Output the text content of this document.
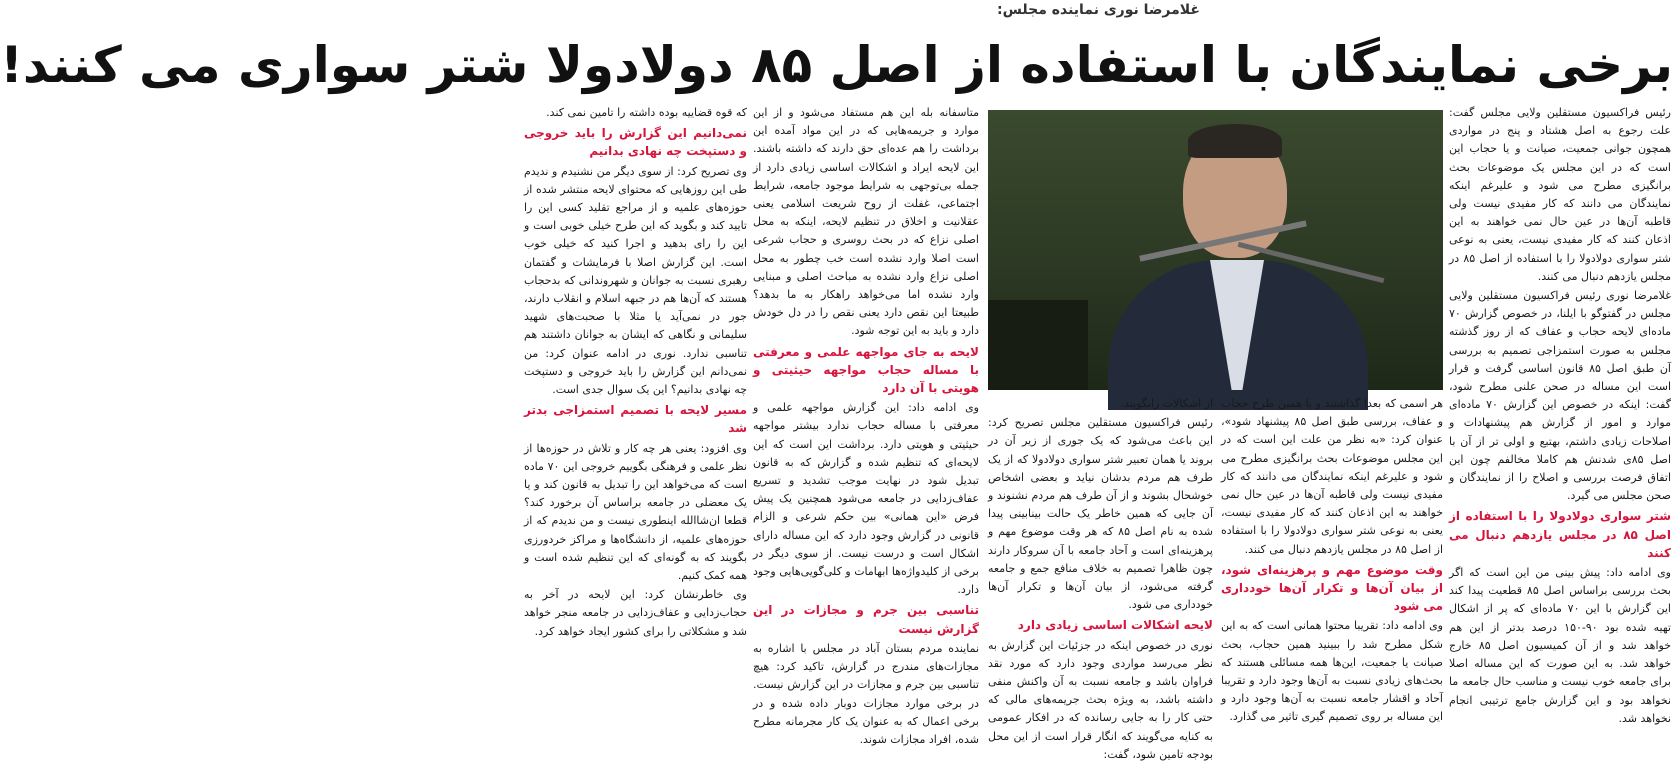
غلامرضا نوری نماینده مجلس:
برخی نمایندگان با استفاده از اصل ۸۵ دولادولا شتر سواری می کنند!

رئیس فراکسیون مستقلین ولایی مجلس گفت: علت رجوع به اصل هشتاد و پنج در مواردی همچون جوانی جمعیت، صیانت و یا حجاب این است که در این مجلس یک موضوعات بحث برانگیزی مطرح می شود و علیرغم اینکه نمایندگان می دانند که کار مفیدی نیست ولی قاطبه آن‌ها در عین حال نمی خواهند به این اذعان کنند که کار مفیدی نیست، یعنی به نوعی شتر سواری دولادولا را با استفاده از اصل ۸۵ در مجلس یازدهم دنبال می کنند.

غلامرضا نوری رئیس فراکسیون مستقلین ولایی مجلس در گفتوگو با ایلنا، در خصوص گزارش ۷۰ ماده‌ای لایحه حجاب و عفاف که از روز گذشته مجلس به صورت استمزاجی تصمیم به بررسی آن طبق اصل ۸۵ قانون اساسی گرفت و قرار است این مساله در صحن علنی مطرح شود، گفت: اینکه در خصوص این گزارش ۷۰ ماده‌ای موارد و امور از گزارش هم پیشنهادات و اصلاحات زیادی داشتم، بهتبع و اولی تر از آن با اصل ۸۵ی شدنش هم کاملا مخالفم چون این اتفاق فرصت بررسی و اصلاح را از نمایندگان و صحن مجلس می گیرد.

شتر سواری دولادولا را با استفاده از اصل ۸۵ در مجلس یازدهم دنبال می کنند

وی ادامه داد: پیش بینی من این است که اگر بحث بررسی براساس اصل ۸۵ قطعیت پیدا کند این گزارش با این ۷۰ ماده‌ای که پر از اشکال تهیه شده بود ۹۰-۱۵۰ درصد بدتر از این هم خواهد شد و از آن کمیسیون اصل ۸۵ خارج خواهد شد. به این صورت که این مساله اصلا برای جامعه خوب نیست و مناسب حال جامعه ما نخواهد بود و این گزارش جامع ترتیبی انجام نخواهد شد.

هر اسمی که بعدا گذاشتند و یا همین طرح حجاب و عفاف، بررسی طبق اصل ۸۵ پیشنهاد شود»، عنوان کرد: «به نظر من علت این است که در این مجلس موضوعات بحث برانگیزی مطرح می شود و علیرغم اینکه نمایندگان می دانند که کار مفیدی نیست ولی قاطبه آن‌ها در عین حال نمی خواهند به این اذعان کنند که کار مفیدی نیست، یعنی به نوعی شتر سواری دولادولا را با استفاده از اصل ۸۵ در مجلس یازدهم دنبال می کنند.

وقت موضوع مهم و پرهزینه‌ای شود، از بیان آن‌ها و تکرار آن‌ها خودداری می شود

وی ادامه داد: تقریبا محتوا همانی است که به این شکل مطرح شد را ببینید همین حجاب، بحث صیانت یا جمعیت، این‌ها همه مسائلی هستند که بحث‌های زیادی نسبت به آن‌ها وجود دارد و تقریبا آحاد و اقشار جامعه نسبت به آن‌ها وجود دارد و این مساله بر روی تصمیم گیری تاثیر می گذارد.

از اشکالات رابگویند.

رئیس فراکسیون مستقلین مجلس تصریح کرد: این باعث می‌شود که یک جوری از زیر آن در بروند یا همان تعبیر شتر سواری دولادولا که از یک طرف هم مردم بدشان نیاید و بعضی اشخاص خوشحال بشوند و از آن طرف هم مردم نشنوند و آن جایی که همین خاطر یک حالت بینابینی پیدا شده به نام اصل ۸۵ که هر وقت موضوع مهم و پرهزینه‌ای است و آحاد جامعه با آن سروکار دارند چون ظاهرا تصمیم به خلاف منافع جمع و جامعه گرفته می‌شود، از بیان آن‌ها و تکرار آن‌ها خودداری می شود.

لایحه اشکالات اساسی زیادی دارد

نوری در خصوص اینکه در جزئیات این گزارش به نظر می‌رسد مواردی وجود دارد که مورد نقد فراوان باشد و جامعه نسبت به آن واکنش منفی داشته باشد، به ویژه بحث جریمه‌های مالی که حتی کار را به جایی رسانده که در افکار عمومی به کنایه می‌گویند که انگار قرار است از این محل بودجه تامین شود، گفت:

متاسفانه بله این هم مستفاد می‌شود و از این موارد و جریمه‌هایی که در این مواد آمده این برداشت را هم عده‌ای حق دارند که داشته باشند. این لایحه ایراد و اشکالات اساسی زیادی دارد از جمله بی‌توجهی به شرایط موجود جامعه، شرایط اجتماعی، غفلت از روح شریعت اسلامی یعنی عقلانیت و اخلاق در تنظیم لایحه، اینکه به محل اصلی نزاع که در بحث روسری و حجاب شرعی است اصلا وارد نشده است خب چطور به محل اصلی نزاع وارد نشده به مباحث اصلی و مبنایی وارد نشده اما می‌خواهد راهکار به ما بدهد؟ طبیعتا این نقص دارد یعنی نقص را در دل خودش دارد و باید به این توجه شود.

لایحه به جای مواجهه علمی و معرفتی با مساله حجاب مواجهه حیثیتی و هویتی با آن دارد

وی ادامه داد: این گزارش مواجهه علمی و معرفتی با مساله حجاب ندارد بیشتر مواجهه حیثیتی و هویتی دارد. برداشت این است که این لایحه‌ای که تنظیم شده و گزارش که به قانون تبدیل شود در نهایت موجب تشدید و تسریع عفاف‌زدایی در جامعه می‌شود همچنین یک پیش فرض «این همانی» بین حکم شرعی و الزام قانونی در گزارش وجود دارد که این مساله دارای اشکال است و درست نیست. از سوی دیگر در برخی از کلیدواژه‌ها ابهامات و کلی‌گویی‌هایی وجود دارد.

تناسبی بین جرم و مجازات در این گزارش نیست

نماینده مردم بستان آباد در مجلس با اشاره به مجازات‌های مندرج در گزارش، تاکید کرد: هیچ تناسبی بین جرم و مجازات در این گزارش نیست. در برخی موارد مجازات دوبار داده شده و در برخی اعمال که به عنوان یک کار مجرمانه مطرح شده، افراد مجازات شوند.

که قوه قضاییه بوده داشته را تامین نمی کند.

نمی‌دانیم این گزارش را باید خروجی و دستپخت چه نهادی بدانیم

وی تصریح کرد: از سوی دیگر من نشنیدم و ندیدم طی این روزهایی که محتوای لایحه منتشر شده از حوزه‌های علمیه و از مراجع تقلید کسی این را تایید کند و بگوید که این طرح خیلی خوبی است و این را رای بدهید و اجرا کنید که خیلی خوب است. این گزارش اصلا با فرمایشات و گفتمان رهبری نسبت به جوانان و شهروندانی که بدحجاب هستند که آن‌ها هم در جبهه اسلام و انقلاب دارند، جور در نمی‌آید یا مثلا با صحبت‌های شهید سلیمانی و نگاهی که ایشان به جوانان داشتند هم تناسبی ندارد. نوری در ادامه عنوان کرد: من نمی‌دانم این گزارش را باید خروجی و دستپخت چه نهادی بدانیم؟ این یک سوال جدی است.

مسیر لایحه با تصمیم استمزاجی بدتر شد

وی افزود: یعنی هر چه کار و تلاش در حوزه‌ها از نظر علمی و فرهنگی بگوییم خروجی این ۷۰ ماده است که می‌خواهد این را تبدیل به قانون کند و یا یک معضلی در جامعه براساس آن برخورد کند؟ قطعا ان‌شاالله اینطوری نیست و من ندیدم که از حوزه‌های علمیه، از دانشگاه‌ها و مراکز خردورزی بگویند که به گونه‌ای که این تنظیم شده است و همه کمک کنیم.

وی خاطرنشان کرد: این لایحه در آخر به حجاب‌زدایی و عفاف‌زدایی در جامعه منجر خواهد شد و مشکلاتی را برای کشور ایجاد خواهد کرد.
